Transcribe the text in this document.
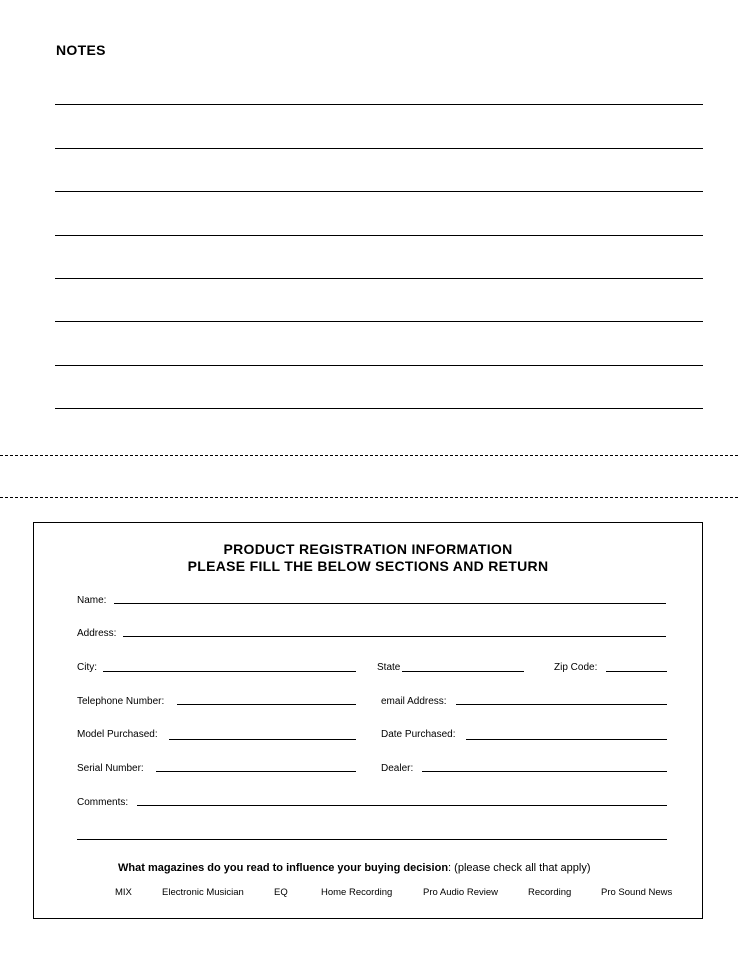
NOTES
PRODUCT REGISTRATION INFORMATION
PLEASE FILL THE BELOW SECTIONS AND RETURN
Name:
Address:
City:	State	Zip Code:
Telephone Number:	email Address:
Model Purchased:	Date Purchased:
Serial Number:	Dealer:
Comments:
What magazines do you read to influence your buying decision: (please check all that apply)
MIX	Electronic Musician	EQ	Home Recording	Pro Audio Review	Recording	Pro Sound News
